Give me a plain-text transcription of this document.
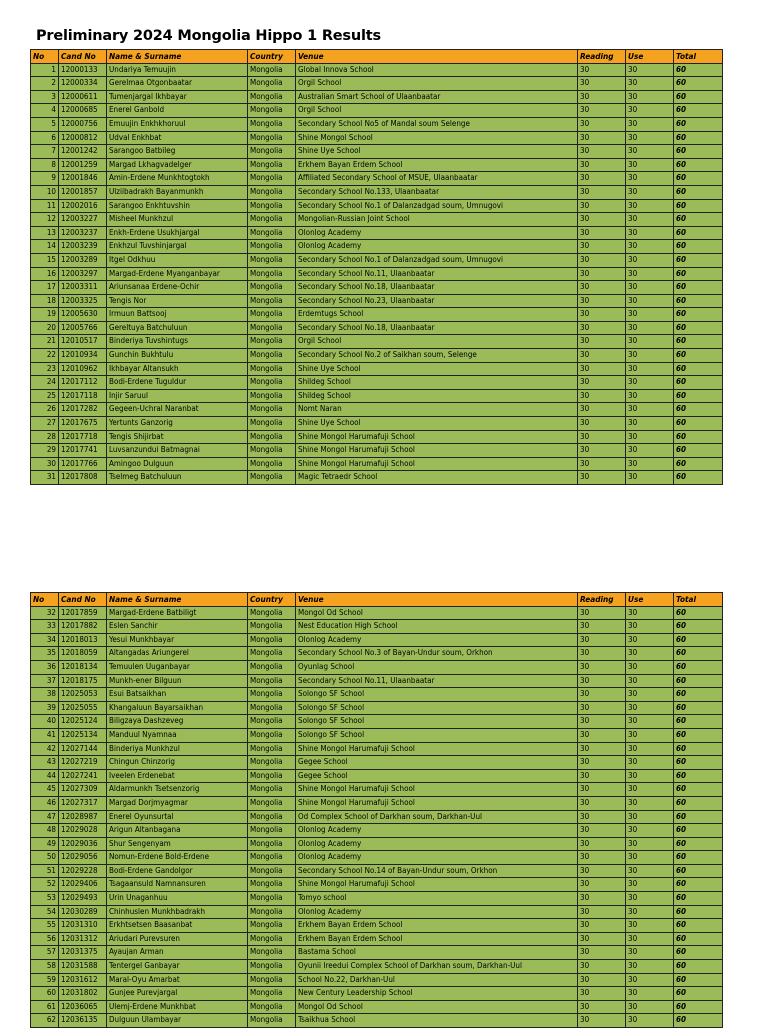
Preliminary 2024 Mongolia Hippo 1 Results
No	Cand No	Name & Surname	Country	Venue	Reading	Use	Total
1	12000133	Undariya Temuujin	Mongolia	Global Innova School	30	30	60
2	12000334	Gerelmaa Otgonbaatar	Mongolia	Orgil School	30	30	60
3	12000611	Tumenjargal Ikhbayar	Mongolia	Australian Smart School of Ulaanbaatar	30	30	60
4	12000685	Enerel Ganbold	Mongolia	Orgil School	30	30	60
5	12000756	Emuujin Enkhkhoruul	Mongolia	Secondary School No5 of Mandal soum Selenge	30	30	60
6	12000812	Udval Enkhbat	Mongolia	Shine Mongol School	30	30	60
7	12001242	Sarangoo Batbileg	Mongolia	Shine Uye School	30	30	60
8	12001259	Margad Lkhagvadelger	Mongolia	Erkhem Bayan Erdem School	30	30	60
9	12001846	Amin-Erdene Munkhtogtokh	Mongolia	Affiliated Secondary School of MSUE, Ulaanbaatar	30	30	60
10	12001857	Ulziibadrakh Bayanmunkh	Mongolia	Secondary School No.133, Ulaanbaatar	30	30	60
11	12002016	Sarangoo Enkhtuvshin	Mongolia	Secondary School No.1 of Dalanzadgad soum, Umnugovi	30	30	60
12	12003227	Misheel Munkhzul	Mongolia	Mongolian-Russian Joint School	30	30	60
13	12003237	Enkh-Erdene Usukhjargal	Mongolia	Olonlog Academy	30	30	60
14	12003239	Enkhzul Tuvshinjargal	Mongolia	Olonlog Academy	30	30	60
15	12003289	Itgel Odkhuu	Mongolia	Secondary School No.1 of Dalanzadgad soum, Umnugovi	30	30	60
16	12003297	Margad-Erdene Myanganbayar	Mongolia	Secondary School No.11, Ulaanbaatar	30	30	60
17	12003311	Ariunsanaa Erdene-Ochir	Mongolia	Secondary School No.18, Ulaanbaatar	30	30	60
18	12003325	Tengis Nor	Mongolia	Secondary School No.23, Ulaanbaatar	30	30	60
19	12005630	Irmuun Battsooj	Mongolia	Erdemtugs School	30	30	60
20	12005766	Gereltuya Batchuluun	Mongolia	Secondary School No.18, Ulaanbaatar	30	30	60
21	12010517	Binderiya Tuvshintugs	Mongolia	Orgil School	30	30	60
22	12010934	Gunchin Bukhtulu	Mongolia	Secondary School No.2 of Saikhan soum, Selenge	30	30	60
23	12010962	Ikhbayar Altansukh	Mongolia	Shine Uye School	30	30	60
24	12017112	Bodi-Erdene Tuguldur	Mongolia	Shildeg School	30	30	60
25	12017118	Injir Saruul	Mongolia	Shildeg School	30	30	60
26	12017282	Gegeen-Uchral Naranbat	Mongolia	Nomt Naran	30	30	60
27	12017675	Yertunts Ganzorig	Mongolia	Shine Uye School	30	30	60
28	12017718	Tengis Shijirbat	Mongolia	Shine Mongol Harumafuji School	30	30	60
29	12017741	Luvsanzundui Batmagnai	Mongolia	Shine Mongol Harumafuji School	30	30	60
30	12017766	Amingoo Dulguun	Mongolia	Shine Mongol Harumafuji School	30	30	60
31	12017808	Tselmeg Batchuluun	Mongolia	Magic Tetraedr School	30	30	60
No	Cand No	Name & Surname	Country	Venue	Reading	Use	Total
32	12017859	Margad-Erdene Batbiligt	Mongolia	Mongol Od School	30	30	60
33	12017882	Eslen Sanchir	Mongolia	Nest Education High School	30	30	60
34	12018013	Yesui Munkhbayar	Mongolia	Olonlog Academy	30	30	60
35	12018059	Altangadas Ariungerel	Mongolia	Secondary School No.3 of Bayan-Undur soum, Orkhon	30	30	60
36	12018134	Temuulen Uuganbayar	Mongolia	Oyunlag School	30	30	60
37	12018175	Munkh-ener Bilguun	Mongolia	Secondary School No.11, Ulaanbaatar	30	30	60
38	12025053	Esui Batsaikhan	Mongolia	Solongo SF School	30	30	60
39	12025055	Khangaluun Bayarsaikhan	Mongolia	Solongo SF School	30	30	60
40	12025124	Biligzaya Dashzeveg	Mongolia	Solongo SF School	30	30	60
41	12025134	Manduul Nyamnaa	Mongolia	Solongo SF School	30	30	60
42	12027144	Binderiya Munkhzul	Mongolia	Shine Mongol Harumafuji School	30	30	60
43	12027219	Chingun Chinzorig	Mongolia	Gegee School	30	30	60
44	12027241	Iveelen Erdenebat	Mongolia	Gegee School	30	30	60
45	12027309	Aldarmunkh Tsetsenzorig	Mongolia	Shine Mongol Harumafuji School	30	30	60
46	12027317	Margad Dorjmyagmar	Mongolia	Shine Mongol Harumafuji School	30	30	60
47	12028987	Enerel Oyunsurtal	Mongolia	Od Complex School of Darkhan soum, Darkhan-Uul	30	30	60
48	12029028	Arigun Altanbagana	Mongolia	Olonlog Academy	30	30	60
49	12029036	Shur Sengenyam	Mongolia	Olonlog Academy	30	30	60
50	12029056	Nomun-Erdene Bold-Erdene	Mongolia	Olonlog Academy	30	30	60
51	12029228	Bodi-Erdene Gandolgor	Mongolia	Secondary School No.14 of Bayan-Undur soum, Orkhon	30	30	60
52	12029406	Tsagaansuld Namnansuren	Mongolia	Shine Mongol Harumafuji School	30	30	60
53	12029493	Urin Unaganhuu	Mongolia	Tomyo school	30	30	60
54	12030289	Chinhuslen Munkhbadrakh	Mongolia	Olonlog Academy	30	30	60
55	12031310	Erkhtsetsen Baasanbat	Mongolia	Erkhem Bayan Erdem School	30	30	60
56	12031312	Ariudari Purevsuren	Mongolia	Erkhem Bayan Erdem School	30	30	60
57	12031375	Ayaujan Arman	Mongolia	Bastama School	30	30	60
58	12031588	Tentergel Ganbayar	Mongolia	Oyunii Ireedui Complex School of Darkhan soum, Darkhan-Uul	30	30	60
59	12031612	Maral-Oyu Amarbat	Mongolia	School No.22, Darkhan-Uul	30	30	60
60	12031802	Gunjee Purevjargal	Mongolia	New Century Leadership School	30	30	60
61	12036065	Ulemj-Erdene Munkhbat	Mongolia	Mongol Od School	30	30	60
62	12036135	Dulguun Ulambayar	Mongolia	Tsaikhua School	30	30	60
